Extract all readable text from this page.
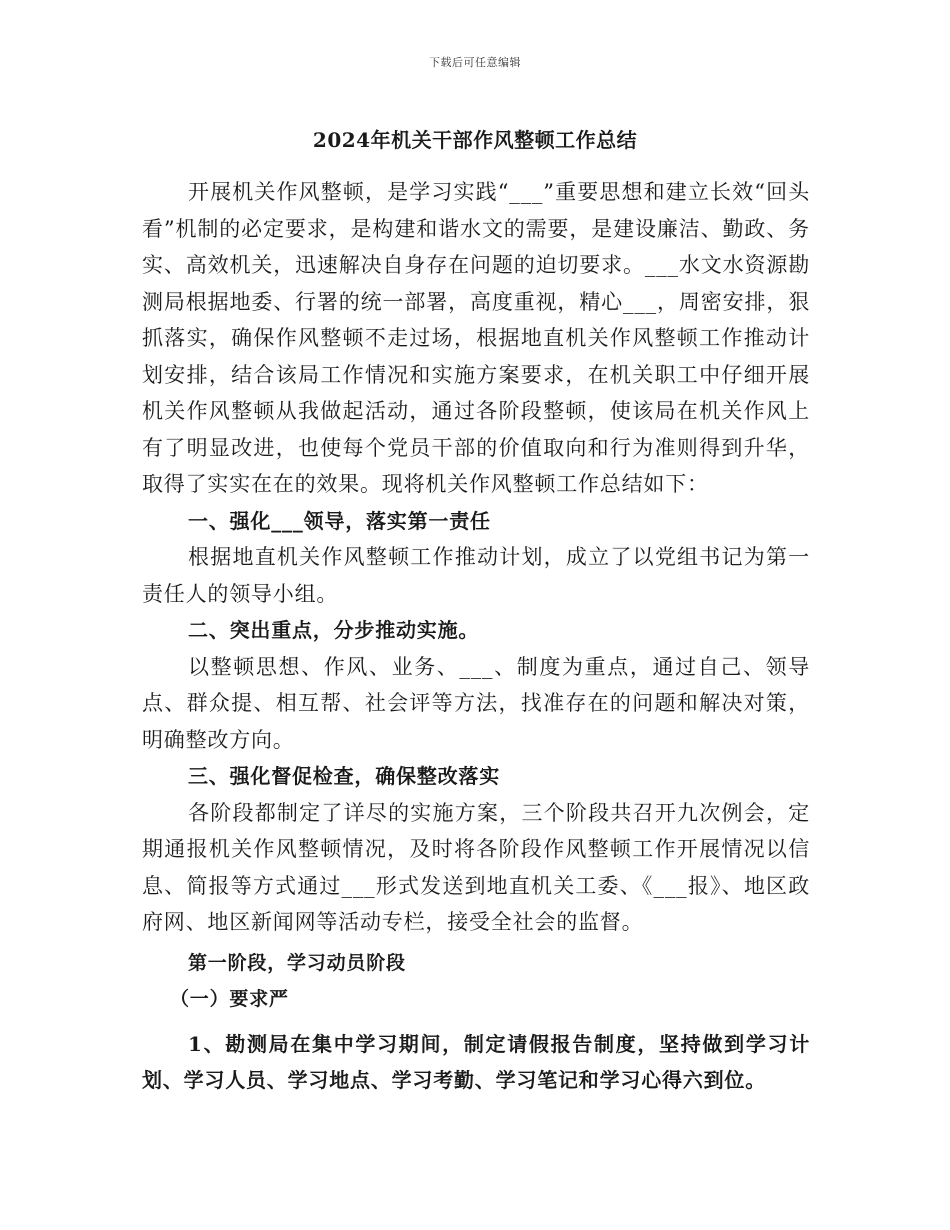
下载后可任意编辑
2024年机关干部作风整顿工作总结

开展机关作风整顿，是学习实践“___”重要思想和建立长效“回头看”机制的必定要求，是构建和谐水文的需要，是建设廉洁、勤政、务实、高效机关，迅速解决自身存在问题的迫切要求。___水文水资源勘测局根据地委、行署的统一部署，高度重视，精心___，周密安排，狠抓落实，确保作风整顿不走过场，根据地直机关作风整顿工作推动计划安排，结合该局工作情况和实施方案要求，在机关职工中仔细开展机关作风整顿从我做起活动，通过各阶段整顿，使该局在机关作风上有了明显改进，也使每个党员干部的价值取向和行为准则得到升华，取得了实实在在的效果。现将机关作风整顿工作总结如下：

一、强化___领导，落实第一责任

根据地直机关作风整顿工作推动计划，成立了以党组书记为第一责任人的领导小组。

二、突出重点，分步推动实施。

以整顿思想、作风、业务、___、制度为重点，通过自己、领导点、群众提、相互帮、社会评等方法，找准存在的问题和解决对策，明确整改方向。

三、强化督促检查，确保整改落实

各阶段都制定了详尽的实施方案，三个阶段共召开九次例会，定期通报机关作风整顿情况，及时将各阶段作风整顿工作开展情况以信息、简报等方式通过___形式发送到地直机关工委、《___报》、地区政府网、地区新闻网等活动专栏，接受全社会的监督。

第一阶段，学习动员阶段

（一）要求严

1、勘测局在集中学习期间，制定请假报告制度，坚持做到学习计划、学习人员、学习地点、学习考勤、学习笔记和学习心得六到位。
